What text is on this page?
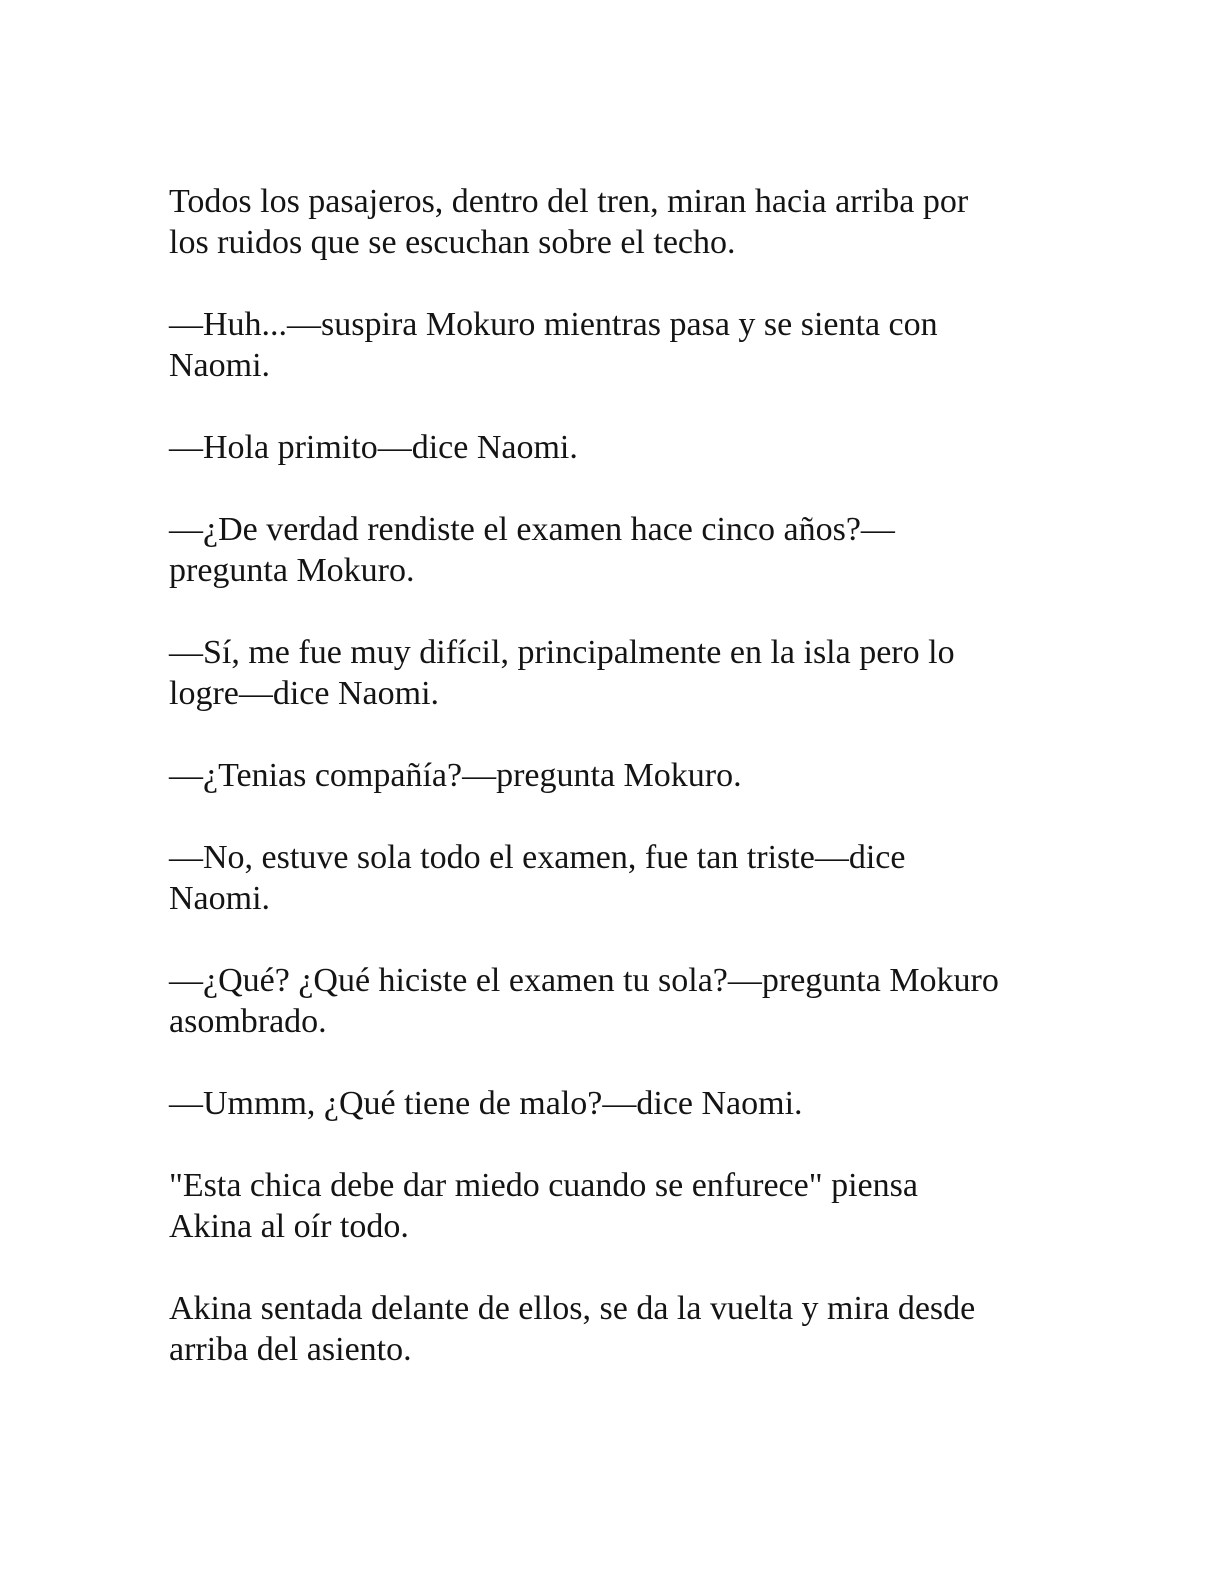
Todos los pasajeros, dentro del tren, miran hacia arriba por
los ruidos que se escuchan sobre el techo.

—Huh...—suspira Mokuro mientras pasa y se sienta con
Naomi.

—Hola primito—dice Naomi.

—¿De verdad rendiste el examen hace cinco años?—
pregunta Mokuro.

—Sí, me fue muy difícil, principalmente en la isla pero lo
logre—dice Naomi.

—¿Tenias compañía?—pregunta Mokuro.

—No, estuve sola todo el examen, fue tan triste—dice
Naomi.

—¿Qué? ¿Qué hiciste el examen tu sola?—pregunta Mokuro
asombrado.

—Ummm, ¿Qué tiene de malo?—dice Naomi.

"Esta chica debe dar miedo cuando se enfurece" piensa
Akina al oír todo.

Akina sentada delante de ellos, se da la vuelta y mira desde
arriba del asiento.
